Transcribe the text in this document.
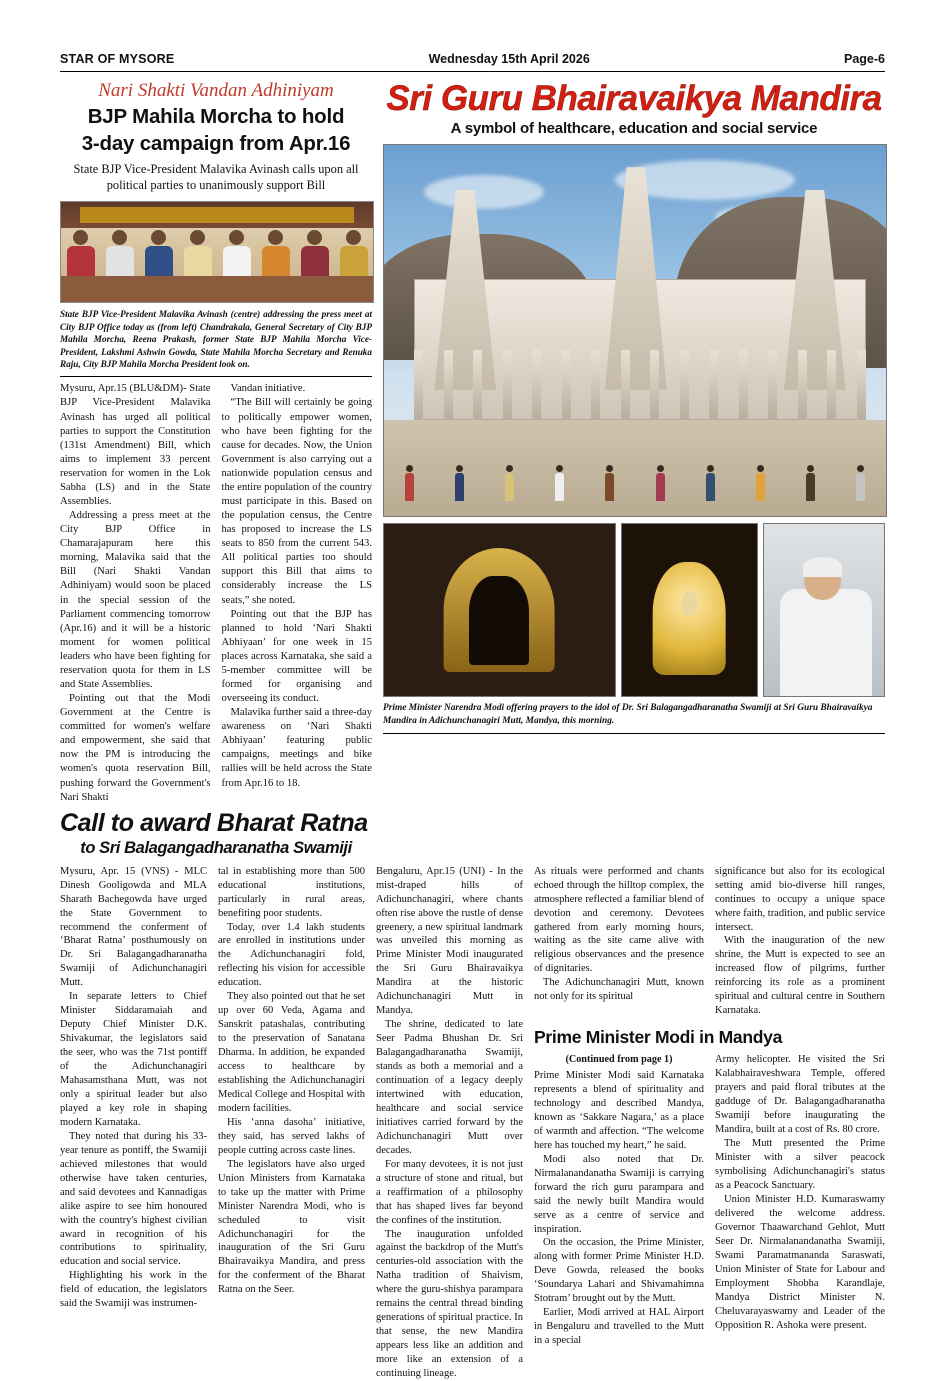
STAR OF MYSORE	Wednesday 15th April 2026	Page-6
Nari Shakti Vandan Adhiniyam
BJP Mahila Morcha to hold
3-day campaign from Apr.16
State BJP Vice-President Malavika Avinash calls upon all political parties to unanimously support Bill
State BJP Vice-President Malavika Avinash (centre) addressing the press meet at City BJP Office today as (from left) Chandrakala, General Secretary of City BJP Mahila Morcha, Reena Prakash, former State BJP Mahila Morcha Vice-President, Lakshmi Ashwin Gowda, State Mahila Morcha Secretary and Renuka Raju, City BJP Mahila Morcha President look on.

Mysuru, Apr.15 (BLU&DM)- State BJP Vice-President Malavika Avinash has urged all political parties to support the Constitution (131st Amendment) Bill, which aims to implement 33 percent reservation for women in the Lok Sabha (LS) and in the State Assemblies.

Addressing a press meet at the City BJP Office in Chamarajapuram here this morning, Malavika said that the Bill (Nari Shakti Vandan Adhiniyam) would soon be placed in the special session of the Parliament commencing tomorrow (Apr.16) and it will be a historic moment for women political leaders who have been fighting for reservation quota for them in LS and State Assemblies.

Pointing out that the Modi Government at the Centre is committed for women's welfare and empowerment, she said that now the PM is introducing the women's quota reservation Bill, pushing forward the Government's Nari Shakti

Vandan initiative.

“The Bill will certainly be going to politically empower women, who have been fighting for the cause for decades. Now, the Union Government is also carrying out a nationwide population census and the entire population of the country must participate in this. Based on the population census, the Centre has proposed to increase the LS seats to 850 from the current 543. All political parties too should support this Bill that aims to considerably increase the LS seats,” she noted.

Pointing out that the BJP has planned to hold ‘Nari Shakti Abhiyaan’ for one week in 15 places across Karnataka, she said a 5-member committee will be formed for organising and overseeing its conduct.

Malavika further said a three-day awareness on ‘Nari Shakti Abhiyaan’ featuring public campaigns, meetings and bike rallies will be held across the State from Apr.16 to 18.

Sri Guru Bhairavaikya Mandira
A symbol of healthcare, education and social service
Prime Minister Narendra Modi offering prayers to the idol of Dr. Sri Balagangadharanatha Swamiji at Sri Guru Bhairavaikya Mandira in Adichunchanagiri Mutt, Mandya, this morning.
Call to award Bharat Ratna
to Sri Balagangadharanatha Swamiji

Mysuru, Apr. 15 (VNS) - MLC Dinesh Gooligowda and MLA Sharath Bachegowda have urged the State Government to recommend the conferment of ‘Bharat Ratna’ posthumously on Dr. Sri Balagangadharanatha Swamiji of Adichunchanagiri Mutt.

In separate letters to Chief Minister Siddaramaiah and Deputy Chief Minister D.K. Shivakumar, the legislators said the seer, who was the 71st pontiff of the Adichunchanagiri Mahasamsthana Mutt, was not only a spiritual leader but also played a key role in shaping modern Karnataka.

They noted that during his 33-year tenure as pontiff, the Swamiji achieved milestones that would otherwise have taken centuries, and said devotees and Kannadigas alike aspire to see him honoured with the country's highest civilian award in recognition of his contributions to spirituality, education and social service.

Highlighting his work in the field of education, the legislators said the Swamiji was instrumen-

tal in establishing more than 500 educational institutions, particularly in rural areas, benefiting poor students.

Today, over 1.4 lakh students are enrolled in institutions under the Adichunchanagiri fold, reflecting his vision for accessible education.

They also pointed out that he set up over 60 Veda, Agama and Sanskrit patashalas, contributing to the preservation of Sanatana Dharma. In addition, he expanded access to healthcare by establishing the Adichunchanagiri Medical College and Hospital with modern facilities.

His ‘anna dasoha’ initiative, they said, has served lakhs of people cutting across caste lines.

The legislators have also urged Union Ministers from Karnataka to take up the matter with Prime Minister Narendra Modi, who is scheduled to visit Adichunchanagiri for the inauguration of the Sri Guru Bhairavaikya Mandira, and press for the conferment of the Bharat Ratna on the Seer.

Bengaluru, Apr.15 (UNI) - In the mist-draped hills of Adichunchanagiri, where chants often rise above the rustle of dense greenery, a new spiritual landmark was unveiled this morning as Prime Minister Modi inaugurated the Sri Guru Bhairavaikya Mandira at the historic Adichunchanagiri Mutt in Mandya.

The shrine, dedicated to late Seer Padma Bhushan Dr. Sri Balagangadharanatha Swamiji, stands as both a memorial and a continuation of a legacy deeply intertwined with education, healthcare and social service initiatives carried forward by the Adichunchanagiri Mutt over decades.

For many devotees, it is not just a structure of stone and ritual, but a reaffirmation of a philosophy that has shaped lives far beyond the confines of the institution.

The inauguration unfolded against the backdrop of the Mutt's centuries-old association with the Natha tradition of Shaivism, where the guru-shishya parampara remains the central thread binding generations of spiritual practice. In that sense, the new Mandira appears less like an addition and more like an extension of a continuing lineage.

As rituals were performed and chants echoed through the hilltop complex, the atmosphere reflected a familiar blend of devotion and ceremony. Devotees gathered from early morning hours, waiting as the site came alive with religious observances and the presence of dignitaries.

The Adichunchanagiri Mutt, known not only for its spiritual

significance but also for its ecological setting amid bio-diverse hill ranges, continues to occupy a unique space where faith, tradition, and public service intersect.

With the inauguration of the new shrine, the Mutt is expected to see an increased flow of pilgrims, further reinforcing its role as a prominent spiritual and cultural centre in Southern Karnataka.

Prime Minister Modi in Mandya
(Continued from page 1)

Prime Minister Modi said Karnataka represents a blend of spirituality and technology and described Mandya, known as ‘Sakkare Nagara,’ as a place of warmth and affection. “The welcome here has touched my heart,” he said.

Modi also noted that Dr. Nirmalanandanatha Swamiji is carrying forward the rich guru parampara and said the newly built Mandira would serve as a centre of service and inspiration.

On the occasion, the Prime Minister, along with former Prime Minister H.D. Deve Gowda, released the books ‘Soundarya Lahari and Shivamahimna Stotram’ brought out by the Mutt.

Earlier, Modi arrived at HAL Airport in Bengaluru and travelled to the Mutt in a special

Army helicopter. He visited the Sri Kalabhairaveshwara Temple, offered prayers and paid floral tributes at the gadduge of Dr. Balagangadharanatha Swamiji before inaugurating the Mandira, built at a cost of Rs. 80 crore.

The Mutt presented the Prime Minister with a silver peacock symbolising Adichunchanagiri's status as a Peacock Sanctuary.

Union Minister H.D. Kumaraswamy delivered the welcome address. Governor Thaawarchand Gehlot, Mutt Seer Dr. Nirmalanandanatha Swamiji, Swami Paramatmananda Saraswati, Union Minister of State for Labour and Employment Shobha Karandlaje, Mandya District Minister N. Cheluvarayaswamy and Leader of the Opposition R. Ashoka were present.
